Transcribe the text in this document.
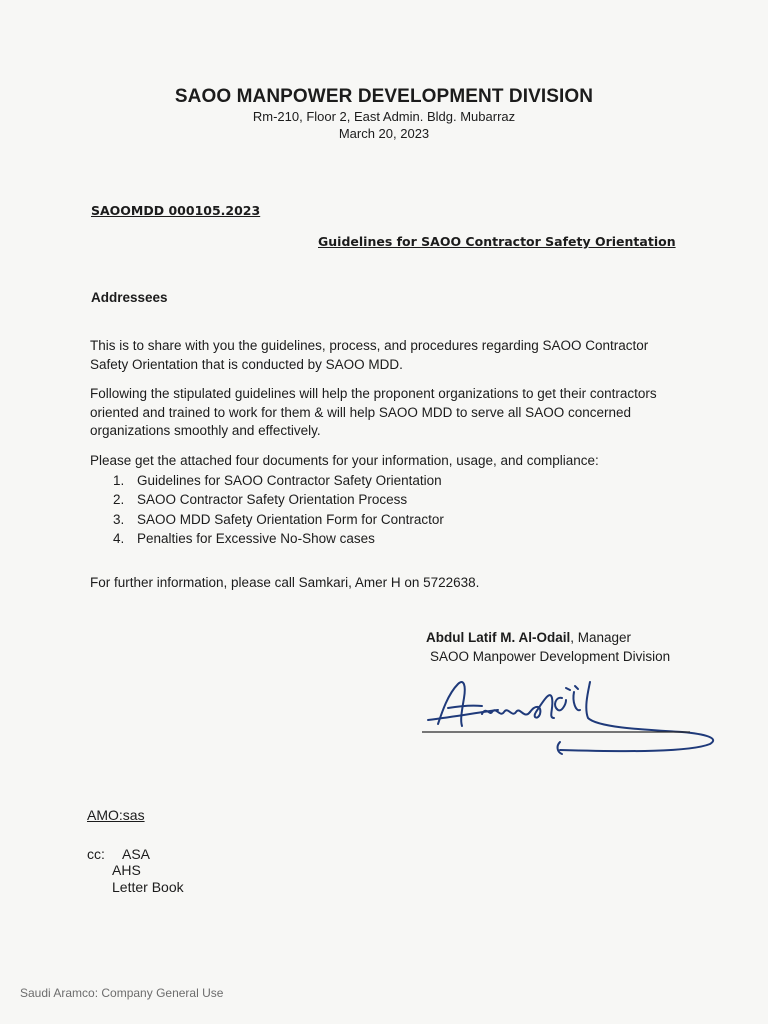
SAOO MANPOWER DEVELOPMENT DIVISION
Rm-210, Floor 2, East Admin. Bldg. Mubarraz
March 20, 2023
SAOOMDD 000105.2023
Guidelines for SAOO Contractor Safety Orientation
Addressees
This is to share with you the guidelines, process, and procedures regarding SAOO Contractor
Safety Orientation that is conducted by SAOO MDD.
Following the stipulated guidelines will help the proponent organizations to get their contractors
oriented and trained to work for them & will help SAOO MDD to serve all SAOO concerned
organizations smoothly and effectively.
Please get the attached four documents for your information, usage, and compliance:
1. Guidelines for SAOO Contractor Safety Orientation
2. SAOO Contractor Safety Orientation Process
3. SAOO MDD Safety Orientation Form for Contractor
4. Penalties for Excessive No-Show cases
For further information, please call Samkari, Amer H on 5722638.
Abdul Latif M. Al-Odail, Manager
SAOO Manpower Development Division
AMO:sas
cc: ASA
AHS
Letter Book
Saudi Aramco: Company General Use
